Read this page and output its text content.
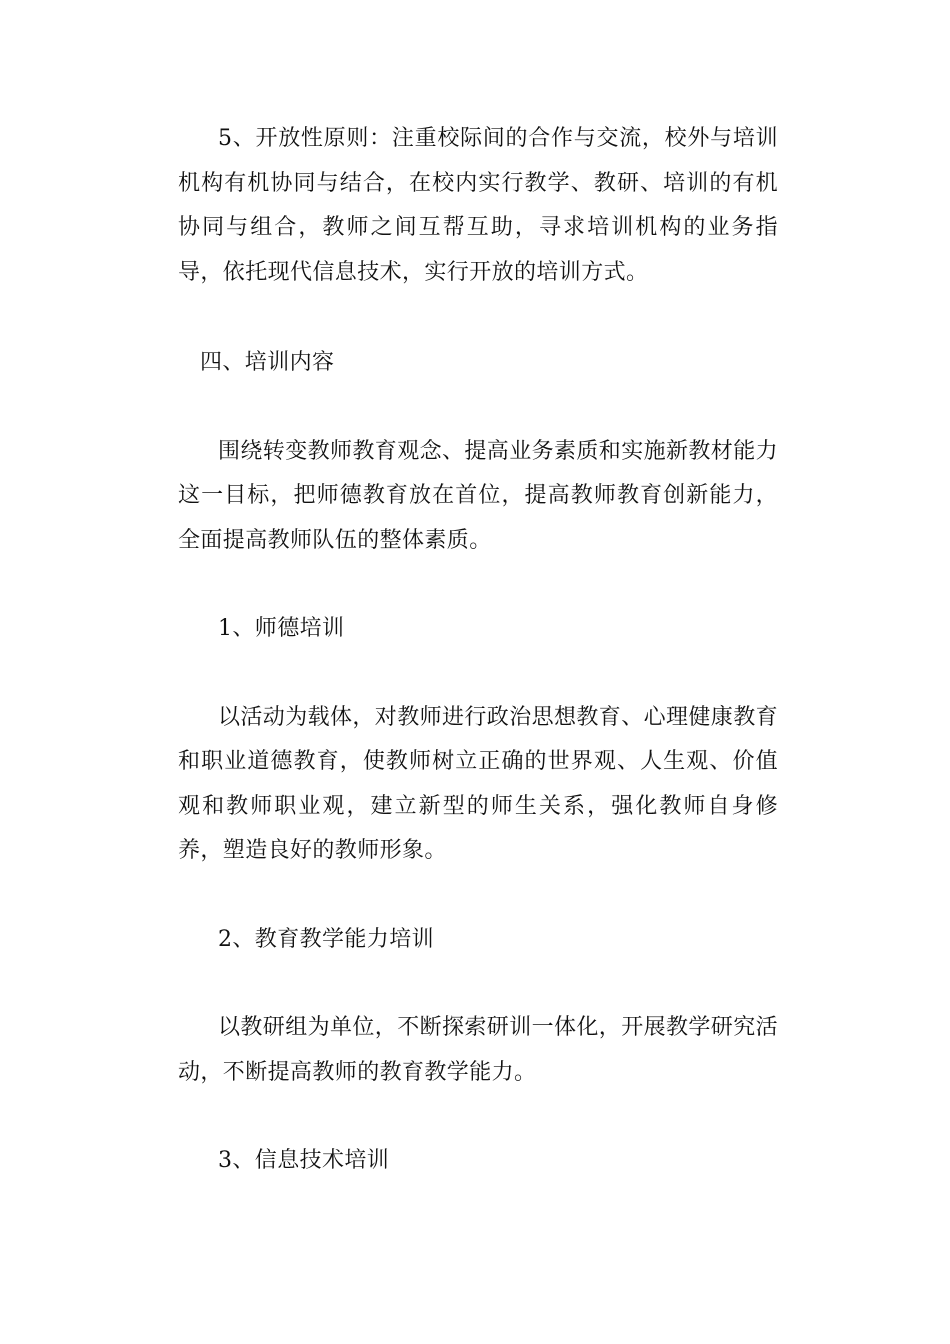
5、开放性原则：注重校际间的合作与交流，校外与培训机构有机协同与结合，在校内实行教学、教研、培训的有机协同与组合，教师之间互帮互助，寻求培训机构的业务指导，依托现代信息技术，实行开放的培训方式。

四、培训内容

围绕转变教师教育观念、提高业务素质和实施新教材能力这一目标，把师德教育放在首位，提高教师教育创新能力，全面提高教师队伍的整体素质。

1、师德培训

以活动为载体，对教师进行政治思想教育、心理健康教育和职业道德教育，使教师树立正确的世界观、人生观、价值观和教师职业观，建立新型的师生关系，强化教师自身修养，塑造良好的教师形象。

2、教育教学能力培训

以教研组为单位，不断探索研训一体化，开展教学研究活动，不断提高教师的教育教学能力。

3、信息技术培训
